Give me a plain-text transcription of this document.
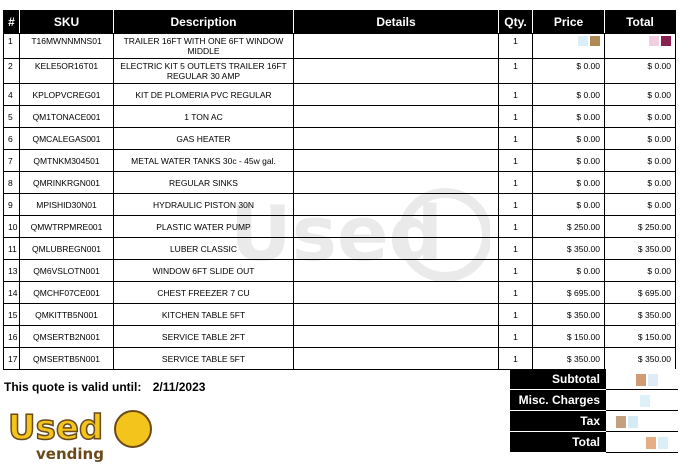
Used
#	SKU	Description	Details	Qty.	Price	Total
1	T16MWNNMNS01	TRAILER 16FT WITH ONE 6FT WINDOW MIDDLE		1		
2	KELE5OR16T01	ELECTRIC KIT 5 OUTLETS TRAILER 16FT REGULAR 30 AMP		1	$ 0.00	$ 0.00
4	KPLOPVCREG01	KIT DE PLOMERIA PVC REGULAR		1	$ 0.00	$ 0.00
5	QM1TONACE001	1 TON AC		1	$ 0.00	$ 0.00
6	QMCALEGAS001	GAS HEATER		1	$ 0.00	$ 0.00
7	QMTNKM304501	METAL WATER TANKS 30c - 45w gal.		1	$ 0.00	$ 0.00
8	QMRINKRGN001	REGULAR SINKS		1	$ 0.00	$ 0.00
9	MPISHID30N01	HYDRAULIC PISTON 30N		1	$ 0.00	$ 0.00
10	QMWTRPMRE001	PLASTIC WATER PUMP		1	$ 250.00	$ 250.00
11	QMLUBREGN001	LUBER CLASSIC		1	$ 350.00	$ 350.00
13	QM6VSLOTN001	WINDOW 6FT SLIDE OUT		1	$ 0.00	$ 0.00
14	QMCHF07CE001	CHEST FREEZER 7 CU		1	$ 695.00	$ 695.00
15	QMKITTB5N001	KITCHEN TABLE 5FT		1	$ 350.00	$ 350.00
16	QMSERTB2N001	SERVICE TABLE 2FT		1	$ 150.00	$ 150.00
17	QMSERTB5N001	SERVICE TABLE 5FT		1	$ 350.00	$ 350.00
This quote is valid until: 2/11/2023
Subtotal
Misc. Charges
Tax
Total
Used
vending
